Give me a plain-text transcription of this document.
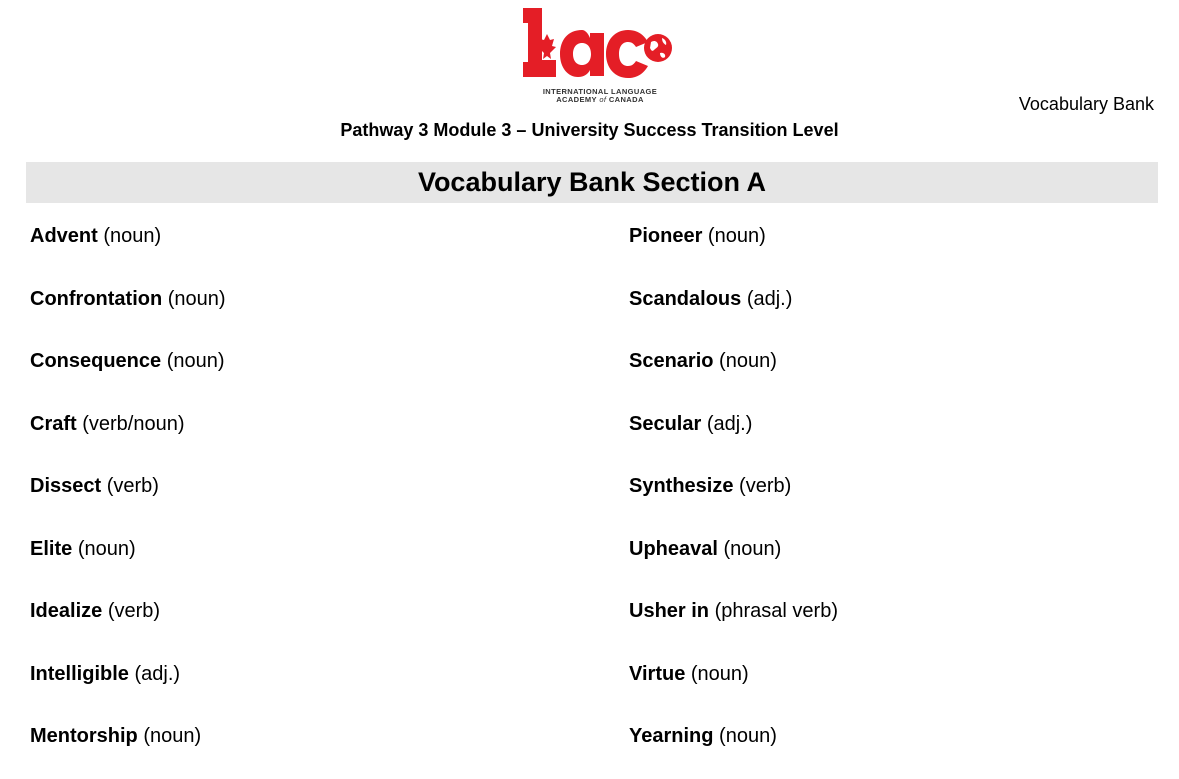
INTERNATIONAL LANGUAGE
ACADEMY of CANADA	Vocabulary Bank
Pathway 3 Module 3 – University Success Transition Level
Vocabulary Bank Section A
Advent (noun)
Confrontation (noun)
Consequence (noun)
Craft (verb/noun)
Dissect (verb)
Elite (noun)
Idealize (verb)
Intelligible (adj.)
Mentorship (noun)
Pioneer (noun)
Scandalous (adj.)
Scenario (noun)
Secular (adj.)
Synthesize (verb)
Upheaval (noun)
Usher in (phrasal verb)
Virtue (noun)
Yearning (noun)
